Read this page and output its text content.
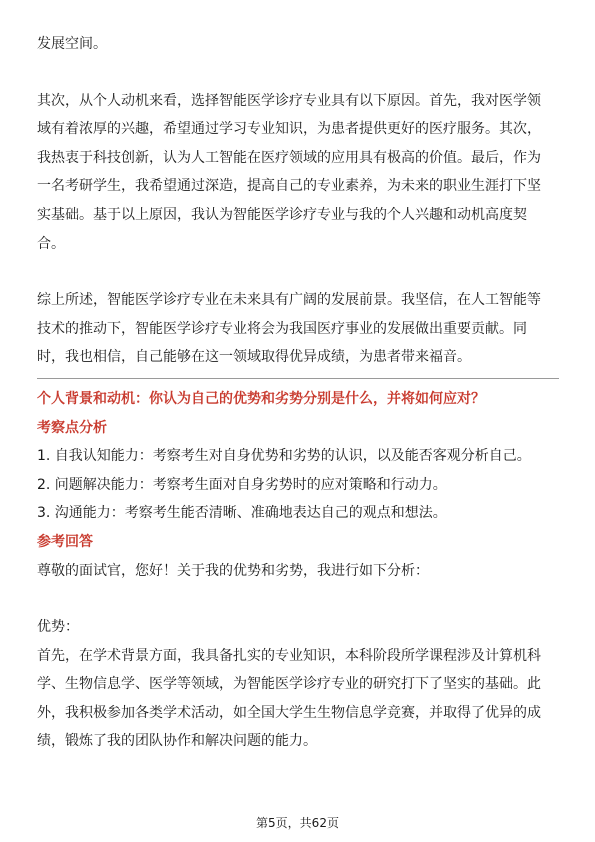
发展空间。
其次，从个人动机来看，选择智能医学诊疗专业具有以下原因。首先，我对医学领
域有着浓厚的兴趣，希望通过学习专业知识，为患者提供更好的医疗服务。其次，
我热衷于科技创新，认为人工智能在医疗领域的应用具有极高的价值。最后，作为
一名考研学生，我希望通过深造，提高自己的专业素养，为未来的职业生涯打下坚
实基础。基于以上原因，我认为智能医学诊疗专业与我的个人兴趣和动机高度契
合。
综上所述，智能医学诊疗专业在未来具有广阔的发展前景。我坚信，在人工智能等
技术的推动下，智能医学诊疗专业将会为我国医疗事业的发展做出重要贡献。同
时，我也相信，自己能够在这一领域取得优异成绩，为患者带来福音。
个人背景和动机：你认为自己的优势和劣势分别是什么，并将如何应对？
考察点分析
1. 自我认知能力：考察考生对自身优势和劣势的认识，以及能否客观分析自己。
2. 问题解决能力：考察考生面对自身劣势时的应对策略和行动力。
3. 沟通能力：考察考生能否清晰、准确地表达自己的观点和想法。
参考回答
尊敬的面试官，您好！关于我的优势和劣势，我进行如下分析：
优势：
首先，在学术背景方面，我具备扎实的专业知识，本科阶段所学课程涉及计算机科
学、生物信息学、医学等领域，为智能医学诊疗专业的研究打下了坚实的基础。此
外，我积极参加各类学术活动，如全国大学生生物信息学竞赛，并取得了优异的成
绩，锻炼了我的团队协作和解决问题的能力。
第5页，共62页
